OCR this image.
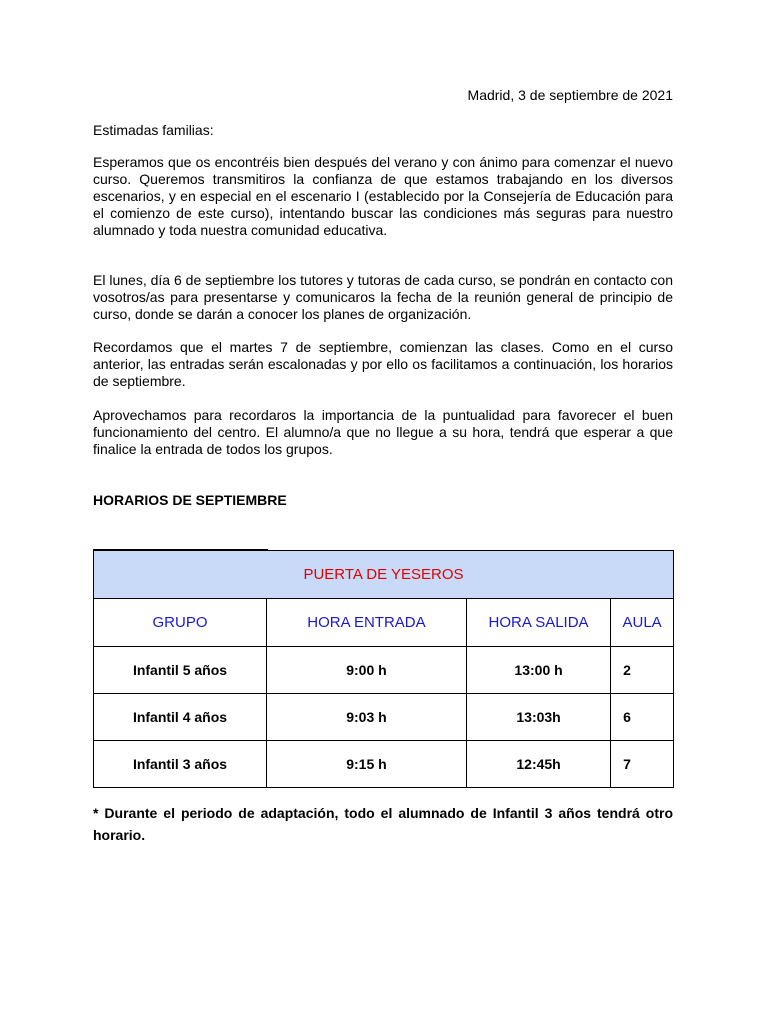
Madrid, 3 de septiembre de 2021
Estimadas familias:

Esperamos que os encontréis bien después del verano y con ánimo para comenzar el nuevo curso. Queremos transmitiros la confianza de que estamos trabajando en los diversos escenarios, y en especial en el escenario I (establecido por la Consejería de Educación para el comienzo de este curso), intentando buscar las condiciones más seguras para nuestro alumnado y toda nuestra comunidad educativa.

El lunes, día 6 de septiembre los tutores y tutoras de cada curso, se pondrán en contacto con vosotros/as para presentarse y comunicaros la fecha de la reunión general de principio de curso, donde se darán a conocer los planes de organización.

Recordamos que el martes 7 de septiembre, comienzan las clases. Como en el curso anterior, las entradas serán escalonadas y por ello os facilitamos a continuación, los horarios de septiembre.

Aprovechamos para recordaros la importancia de la puntualidad para favorecer el buen funcionamiento del centro. El alumno/a que no llegue a su hora, tendrá que esperar a que finalice la entrada de todos los grupos.

HORARIOS DE SEPTIEMBRE
PUERTA DE YESEROS			
GRUPO	HORA ENTRADA	HORA SALIDA	AULA
Infantil 5 años	9:00 h	13:00 h	2
Infantil 4 años	9:03 h	13:03h	6
Infantil 3 años	9:15 h	12:45h	7

* Durante el periodo de adaptación, todo el alumnado de Infantil 3 años tendrá otro horario.
